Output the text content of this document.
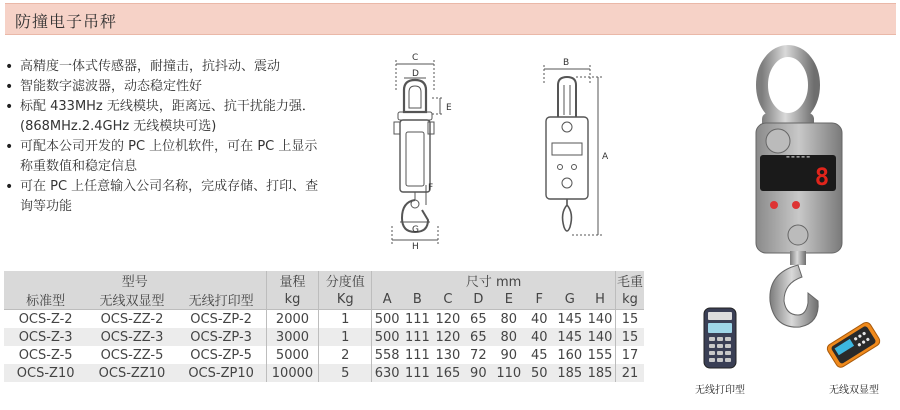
防撞电子吊秤
• 高精度一体式传感器，耐撞击，抗抖动、震动
• 智能数字滤波器，动态稳定性好
• 标配 433MHz 无线模块，距离远、抗干扰能力强．(868MHz.2.4GHz 无线模块可选)
• 可配本公司开发的 PC 上位机软件，可在 PC 上显示称重数值和稳定信息
• 可在 PC 上任意输入公司名称，完成存储、打印、查询等功能
C
D
E
F
G
H
B
A	▬ ▬ ▬ ▬ ▬
8
型号			量程	分度值	尺寸 mm								毛重
标准型	无线双显型	无线打印型	kg	Kg	A	B	C	D	E	F	G	H	kg
OCS-Z-2	OCS-ZZ-2	OCS-ZP-2	2000	1	500	111	120	65	80	40	145	140	15
OCS-Z-3	OCS-ZZ-3	OCS-ZP-3	3000	1	500	111	120	65	80	40	145	140	15
OCS-Z-5	OCS-ZZ-5	OCS-ZP-5	5000	2	558	111	130	72	90	45	160	155	17
OCS-Z10	OCS-ZZ10	OCS-ZP10	10000	5	630	111	165	90	110	50	185	185	21
无线打印型	无线双显型
